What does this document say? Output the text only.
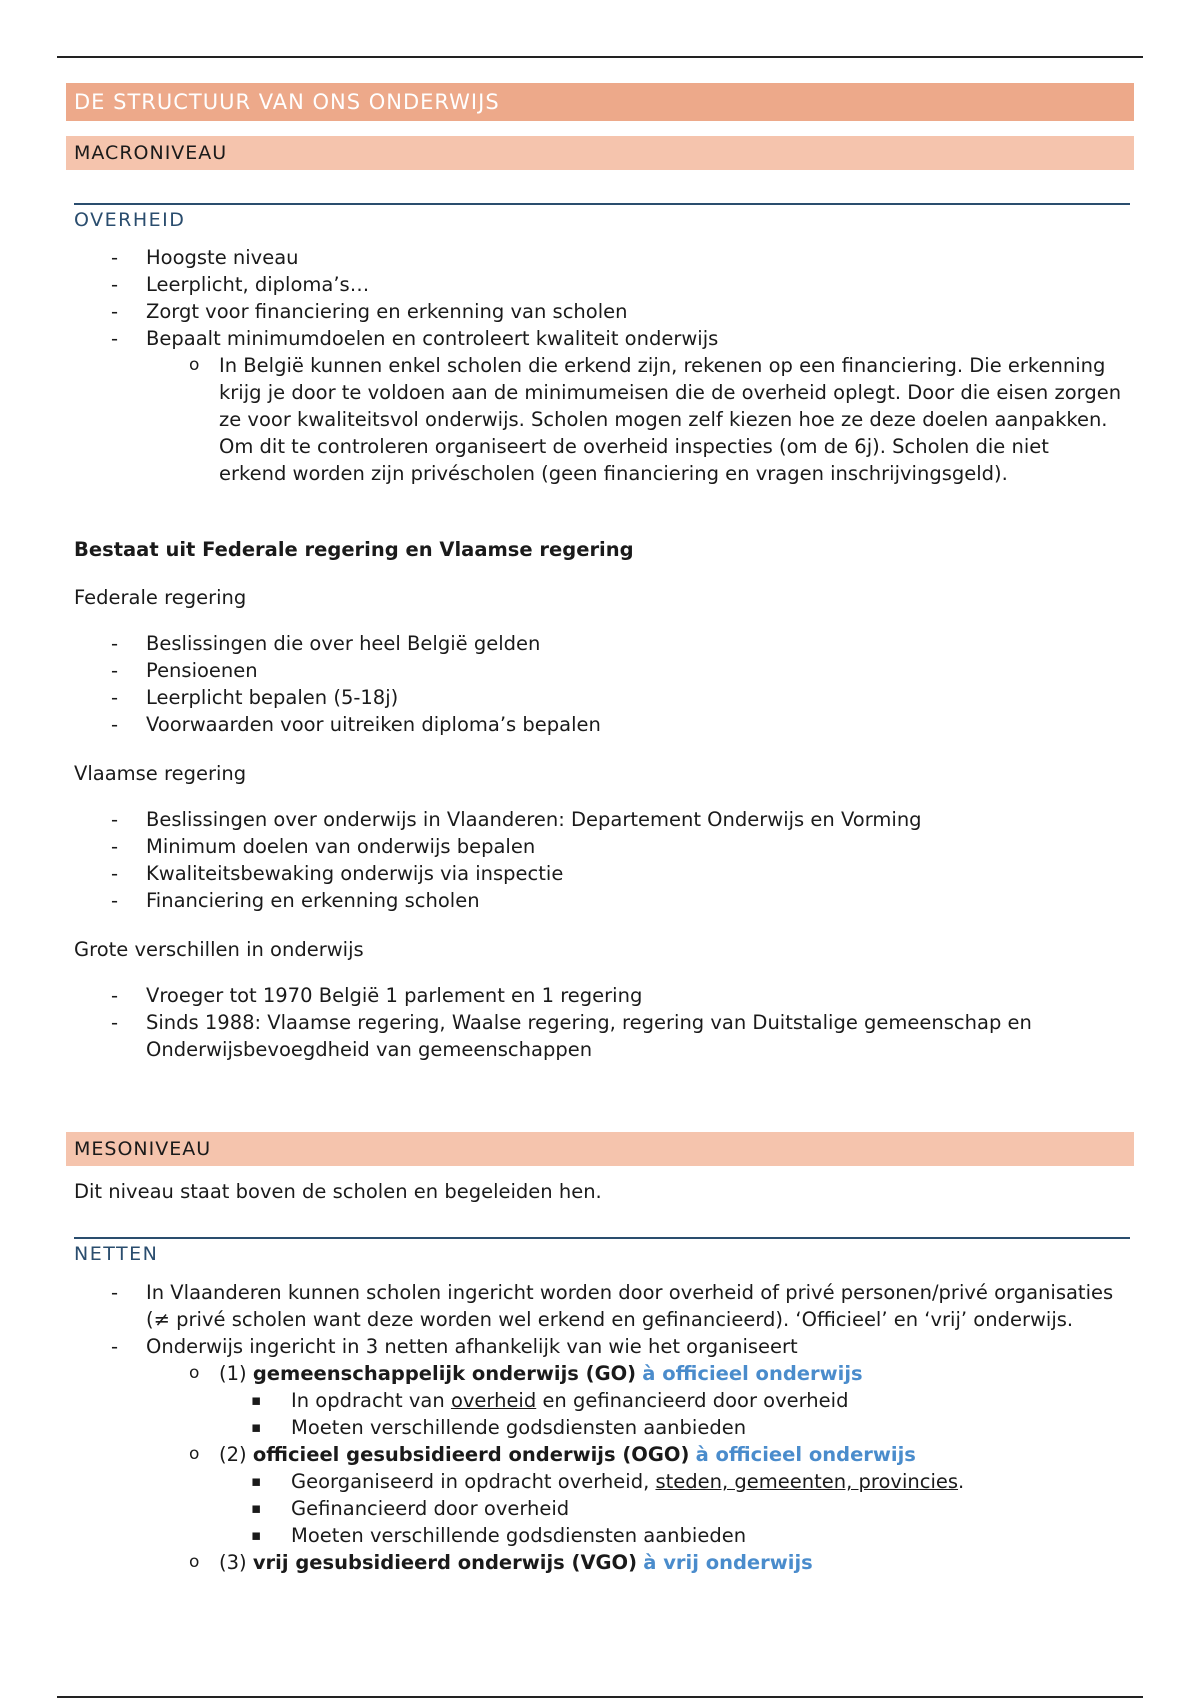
DE STRUCTUUR VAN ONS ONDERWIJS
MACRONIVEAU
OVERHEID
- Hoogste niveau
- Leerplicht, diploma’s…
- Zorgt voor financiering en erkenning van scholen
- Bepaalt minimumdoelen en controleert kwaliteit onderwijs
o In België kunnen enkel scholen die erkend zijn, rekenen op een financiering. Die erkenning krijg je door te voldoen aan de minimumeisen die de overheid oplegt. Door die eisen zorgen ze voor kwaliteitsvol onderwijs. Scholen mogen zelf kiezen hoe ze deze doelen aanpakken. Om dit te controleren organiseert de overheid inspecties (om de 6j). Scholen die niet erkend worden zijn privéscholen (geen financiering en vragen inschrijvingsgeld).

Bestaat uit Federale regering en Vlaamse regering

Federale regering

- Beslissingen die over heel België gelden
- Pensioenen
- Leerplicht bepalen (5-18j)
- Voorwaarden voor uitreiken diploma’s bepalen

Vlaamse regering

- Beslissingen over onderwijs in Vlaanderen: Departement Onderwijs en Vorming
- Minimum doelen van onderwijs bepalen
- Kwaliteitsbewaking onderwijs via inspectie
- Financiering en erkenning scholen

Grote verschillen in onderwijs

- Vroeger tot 1970 België 1 parlement en 1 regering
- Sinds 1988: Vlaamse regering, Waalse regering, regering van Duitstalige gemeenschap en Onderwijsbevoegdheid van gemeenschappen
MESONIVEAU

Dit niveau staat boven de scholen en begeleiden hen.

NETTEN
- In Vlaanderen kunnen scholen ingericht worden door overheid of privé personen/privé organisaties (≠ privé scholen want deze worden wel erkend en gefinancieerd). ‘Officieel’ en ‘vrij’ onderwijs.
- Onderwijs ingericht in 3 netten afhankelijk van wie het organiseert
o (1) gemeenschappelijk onderwijs (GO) à officieel onderwijs
▪ In opdracht van overheid en gefinancieerd door overheid
▪ Moeten verschillende godsdiensten aanbieden
o (2) officieel gesubsidieerd onderwijs (OGO) à officieel onderwijs
▪ Georganiseerd in opdracht overheid, steden, gemeenten, provincies.
▪ Gefinancieerd door overheid
▪ Moeten verschillende godsdiensten aanbieden
o (3) vrij gesubsidieerd onderwijs (VGO) à vrij onderwijs
